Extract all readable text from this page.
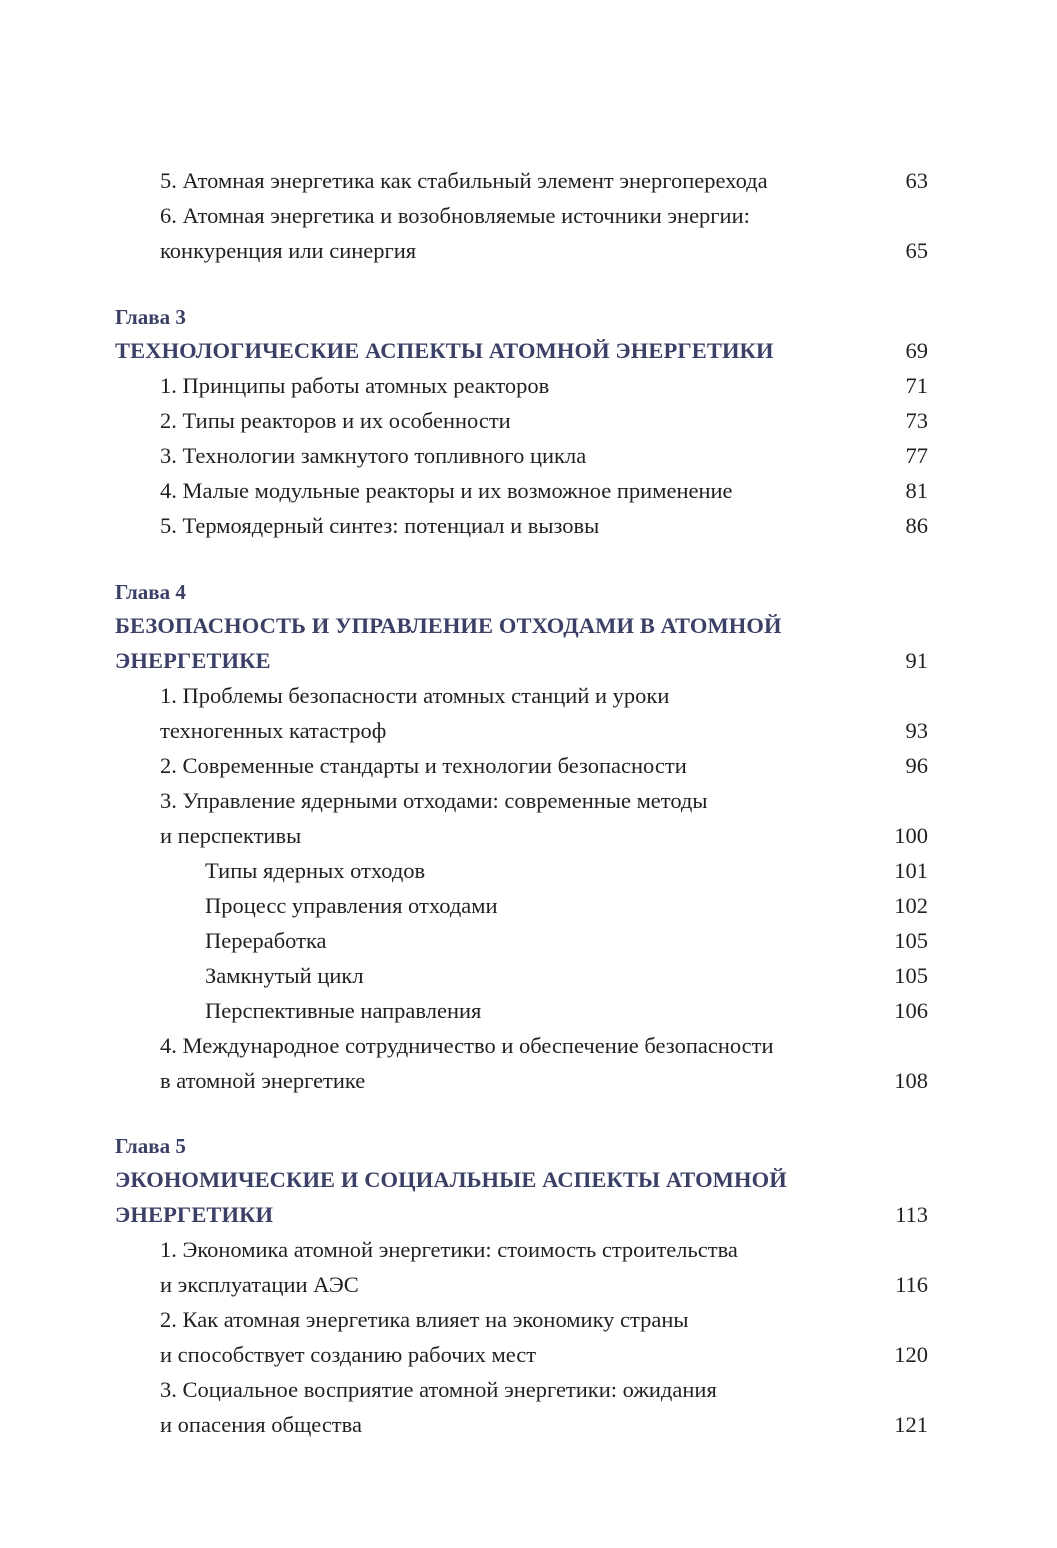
5. Атомная энергетика как стабильный элемент энергоперехода	63
6. Атомная энергетика и возобновляемые источники энергии:
конкуренция или синергия	65
Глава 3
ТЕХНОЛОГИЧЕСКИЕ АСПЕКТЫ АТОМНОЙ ЭНЕРГЕТИКИ	69
1. Принципы работы атомных реакторов	71
2. Типы реакторов и их особенности	73
3. Технологии замкнутого топливного цикла	77
4. Малые модульные реакторы и их возможное применение	81
5. Термоядерный синтез: потенциал и вызовы	86
Глава 4
БЕЗОПАСНОСТЬ И УПРАВЛЕНИЕ ОТХОДАМИ В АТОМНОЙ
ЭНЕРГЕТИКЕ	91
1. Проблемы безопасности атомных станций и уроки
техногенных катастроф	93
2. Современные стандарты и технологии безопасности	96
3. Управление ядерными отходами: современные методы
и перспективы	100
Типы ядерных отходов	101
Процесс управления отходами	102
Переработка	105
Замкнутый цикл	105
Перспективные направления	106
4. Международное сотрудничество и обеспечение безопасности
в атомной энергетике	108
Глава 5
ЭКОНОМИЧЕСКИЕ И СОЦИАЛЬНЫЕ АСПЕКТЫ АТОМНОЙ
ЭНЕРГЕТИКИ	113
1. Экономика атомной энергетики: стоимость строительства
и эксплуатации АЭС	116
2. Как атомная энергетика влияет на экономику страны
и способствует созданию рабочих мест	120
3. Социальное восприятие атомной энергетики: ожидания
и опасения общества	121
